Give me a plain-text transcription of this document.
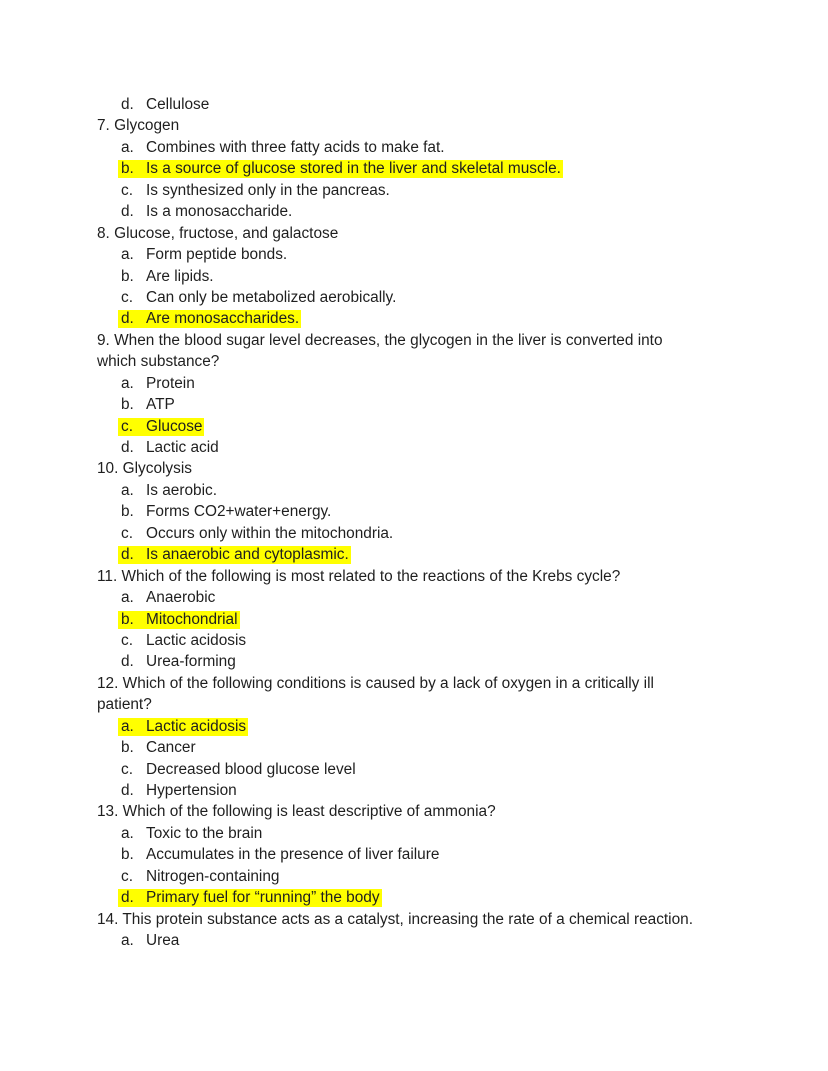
d. Cellulose
7. Glycogen
a. Combines with three fatty acids to make fat.
b. Is a source of glucose stored in the liver and skeletal muscle.
c. Is synthesized only in the pancreas.
d. Is a monosaccharide.
8. Glucose, fructose, and galactose
a. Form peptide bonds.
b. Are lipids.
c. Can only be metabolized aerobically.
d. Are monosaccharides.
9. When the blood sugar level decreases, the glycogen in the liver is converted into
which substance?
a. Protein
b. ATP
c. Glucose
d. Lactic acid
10. Glycolysis
a. Is aerobic.
b. Forms CO2+water+energy.
c. Occurs only within the mitochondria.
d. Is anaerobic and cytoplasmic.
11. Which of the following is most related to the reactions of the Krebs cycle?
a. Anaerobic
b. Mitochondrial
c. Lactic acidosis
d. Urea-forming
12. Which of the following conditions is caused by a lack of oxygen in a critically ill
patient?
a. Lactic acidosis
b. Cancer
c. Decreased blood glucose level
d. Hypertension
13. Which of the following is least descriptive of ammonia?
a. Toxic to the brain
b. Accumulates in the presence of liver failure
c. Nitrogen-containing
d. Primary fuel for “running” the body
14. This protein substance acts as a catalyst, increasing the rate of a chemical reaction.
a. Urea
